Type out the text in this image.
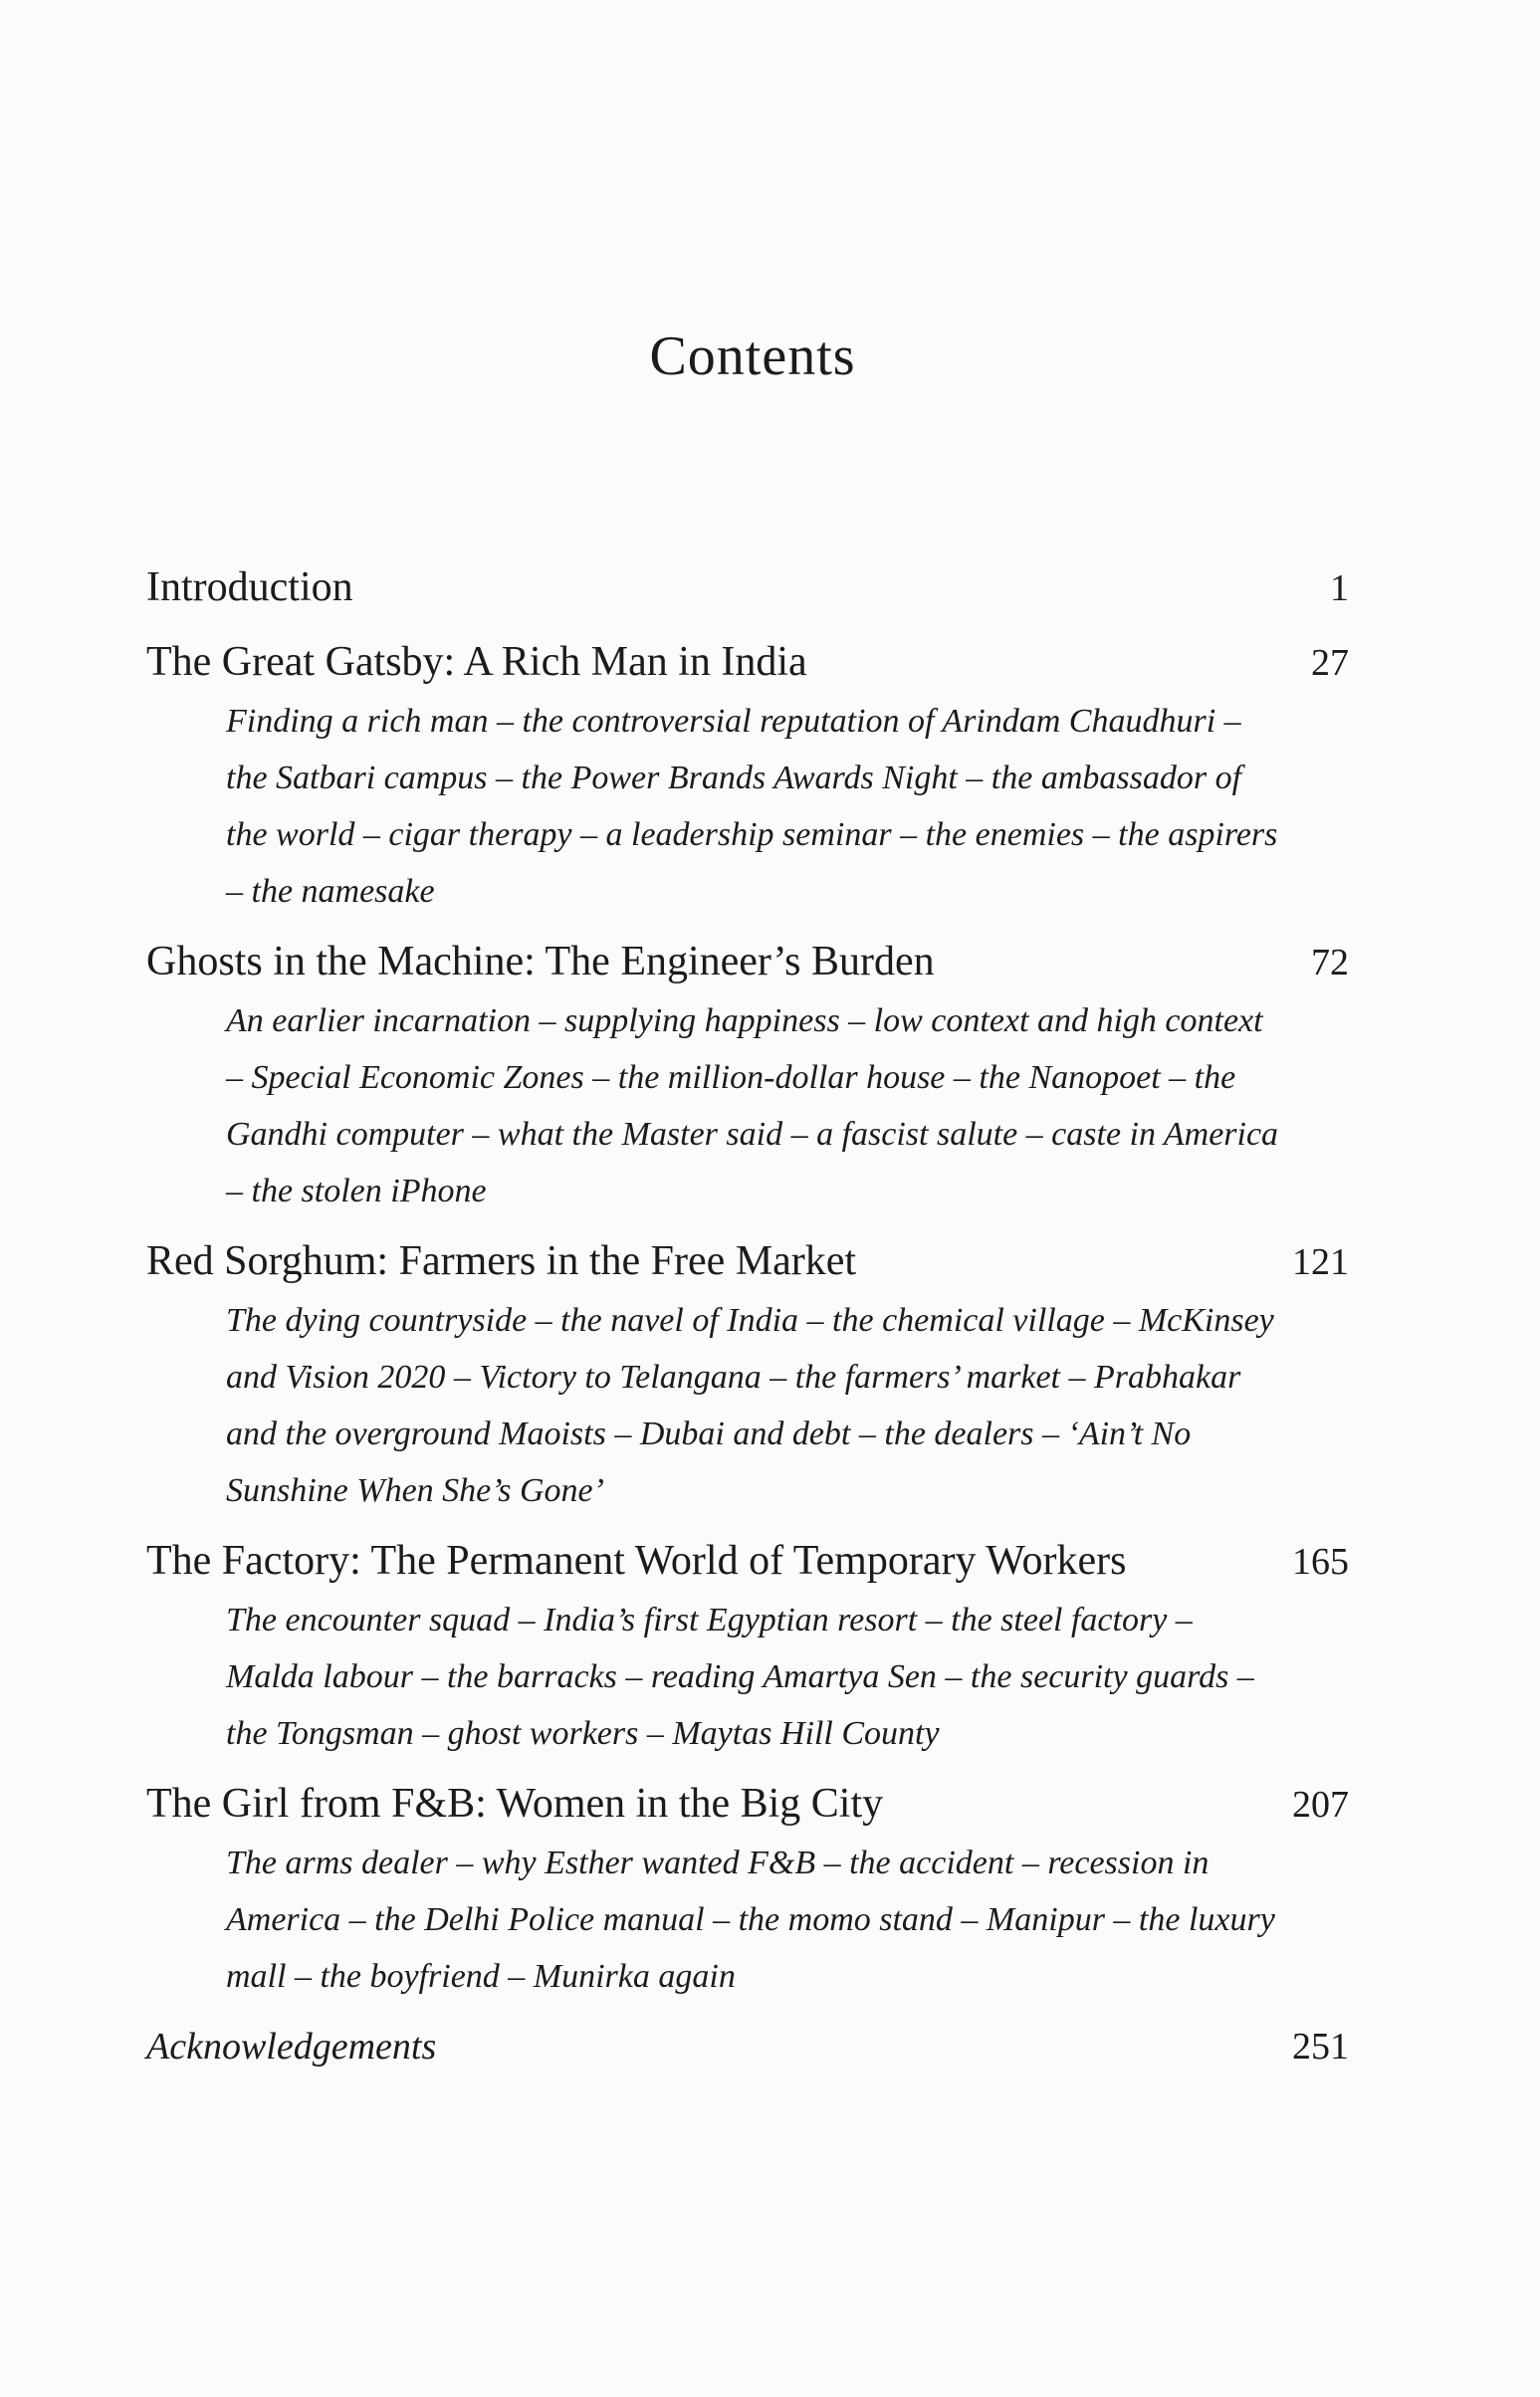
Contents
Introduction	1
The Great Gatsby: A Rich Man in India	27
Finding a rich man – the controversial reputation of Arindam Chaudhuri – the Satbari campus – the Power Brands Awards Night – the ambassador of the world – cigar therapy – a leadership seminar – the enemies – the aspirers – the namesake
Ghosts in the Machine: The Engineer’s Burden	72
An earlier incarnation – supplying happiness – low context and high context – Special Economic Zones – the million-dollar house – the Nanopoet – the Gandhi computer – what the Master said – a fascist salute – caste in America – the stolen iPhone
Red Sorghum: Farmers in the Free Market	121
The dying countryside – the navel of India – the chemical village – McKinsey and Vision 2020 – Victory to Telangana – the farmers’ market – Prabhakar and the overground Maoists – Dubai and debt – the dealers – ‘Ain’t No Sunshine When She’s Gone’
The Factory: The Permanent World of Temporary Workers	165
The encounter squad – India’s first Egyptian resort – the steel factory – Malda labour – the barracks – reading Amartya Sen – the security guards – the Tongsman – ghost workers – Maytas Hill County
The Girl from F&B: Women in the Big City	207
The arms dealer – why Esther wanted F&B – the accident – recession in America – the Delhi Police manual – the momo stand – Manipur – the luxury mall – the boyfriend – Munirka again
Acknowledgements	251
